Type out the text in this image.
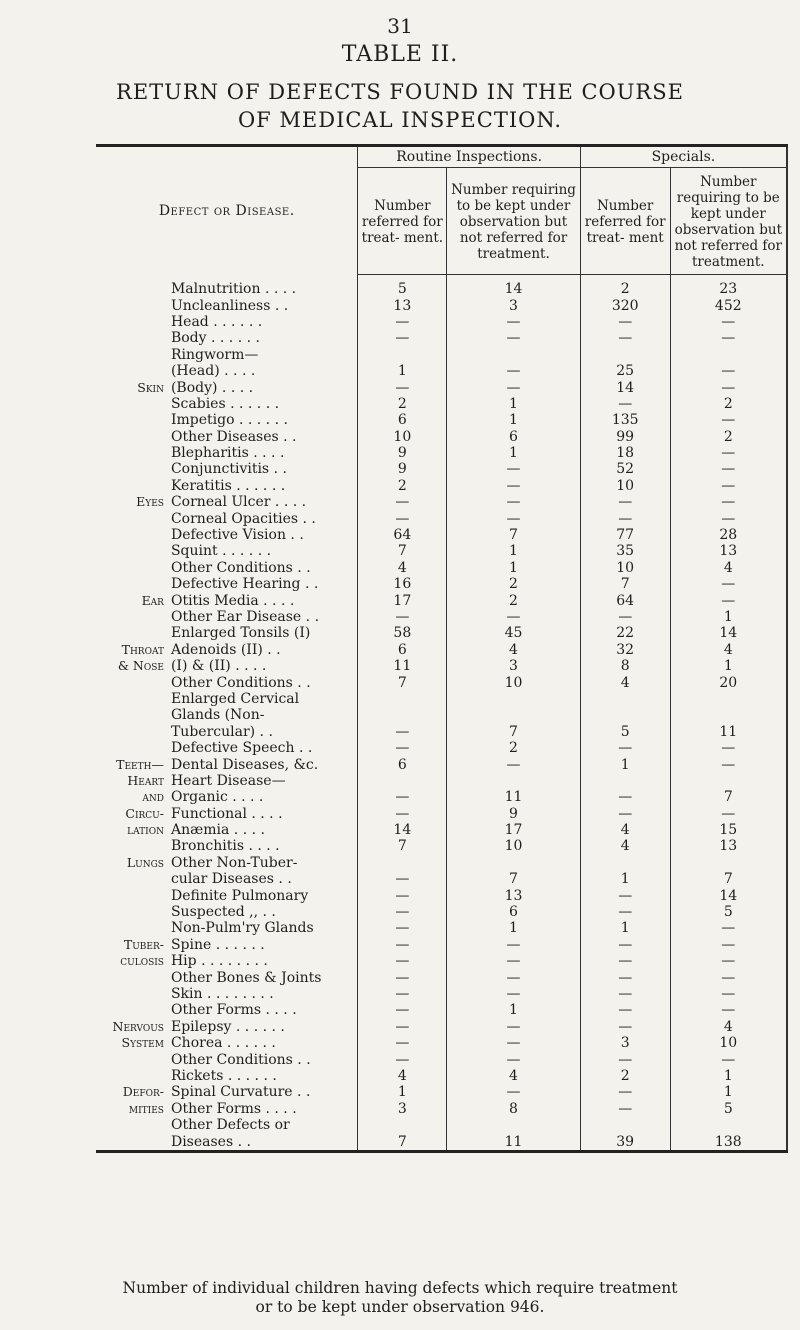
31
TABLE II.
RETURN OF DEFECTS FOUND IN THE COURSE
OF MEDICAL INSPECTION.
Defect or Disease.		Routine Inspections.		Specials.	
		Number referred for treat- ment.	Number requiring to be kept under observation but not referred for treatment.	Number referred for treat- ment	Number requiring to be kept under observation but not referred for treatment.
	Malnutrition . . . .	5	14	2	23
	Uncleanliness . .	13	3	320	452
	Head . . . . . .	—	—	—	—
	Body . . . . . .	—	—	—	—
	Ringworm—				
	(Head) . . . .	1	—	25	—
Skin	(Body) . . . .	—	—	14	—
	Scabies . . . . . .	2	1	—	2
	Impetigo . . . . . .	6	1	135	—
	Other Diseases . .	10	6	99	2
	Blepharitis . . . .	9	1	18	—
	Conjunctivitis . .	9	—	52	—
	Keratitis . . . . . .	2	—	10	—
Eyes	Corneal Ulcer . . . .	—	—	—	—
	Corneal Opacities . .	—	—	—	—
	Defective Vision . .	64	7	77	28
	Squint . . . . . .	7	1	35	13
	Other Conditions . .	4	1	10	4
	Defective Hearing . .	16	2	7	—
Ear	Otitis Media . . . .	17	2	64	—
	Other Ear Disease . .	—	—	—	1
	Enlarged Tonsils (I)	58	45	22	14
Throat	Adenoids (II) . .	6	4	32	4
& Nose	(I) & (II) . . . .	11	3	8	1
	Other Conditions . .	7	10	4	20
	Enlarged Cervical				
	Glands (Non-				
	Tubercular) . .	—	7	5	11
	Defective Speech . .	—	2	—	—
Teeth—	Dental Diseases, &c.	6	—	1	—
Heart	Heart Disease—				
and	Organic . . . .	—	11	—	7
Circu-	Functional . . . .	—	9	—	—
lation	Anæmia . . . .	14	17	4	15
	Bronchitis . . . .	7	10	4	13
Lungs	Other Non-Tuber-				
	cular Diseases . .	—	7	1	7
	Definite Pulmonary	—	13	—	14
	Suspected ,, . .	—	6	—	5
	Non-Pulm'ry Glands	—	1	1	—
Tuber-	Spine . . . . . .	—	—	—	—
culosis	Hip . . . . . . . .	—	—	—	—
	Other Bones & Joints	—	—	—	—
	Skin . . . . . . . .	—	—	—	—
	Other Forms . . . .	—	1	—	—
Nervous	Epilepsy . . . . . .	—	—	—	4
System	Chorea . . . . . .	—	—	3	10
	Other Conditions . .	—	—	—	—
	Rickets . . . . . .	4	4	2	1
Defor-	Spinal Curvature . .	1	—	—	1
mities	Other Forms . . . .	3	8	—	5
	Other Defects or				
	Diseases . .	7	11	39	138
Number of individual children having defects which require treatment
or to be kept under observation 946.
